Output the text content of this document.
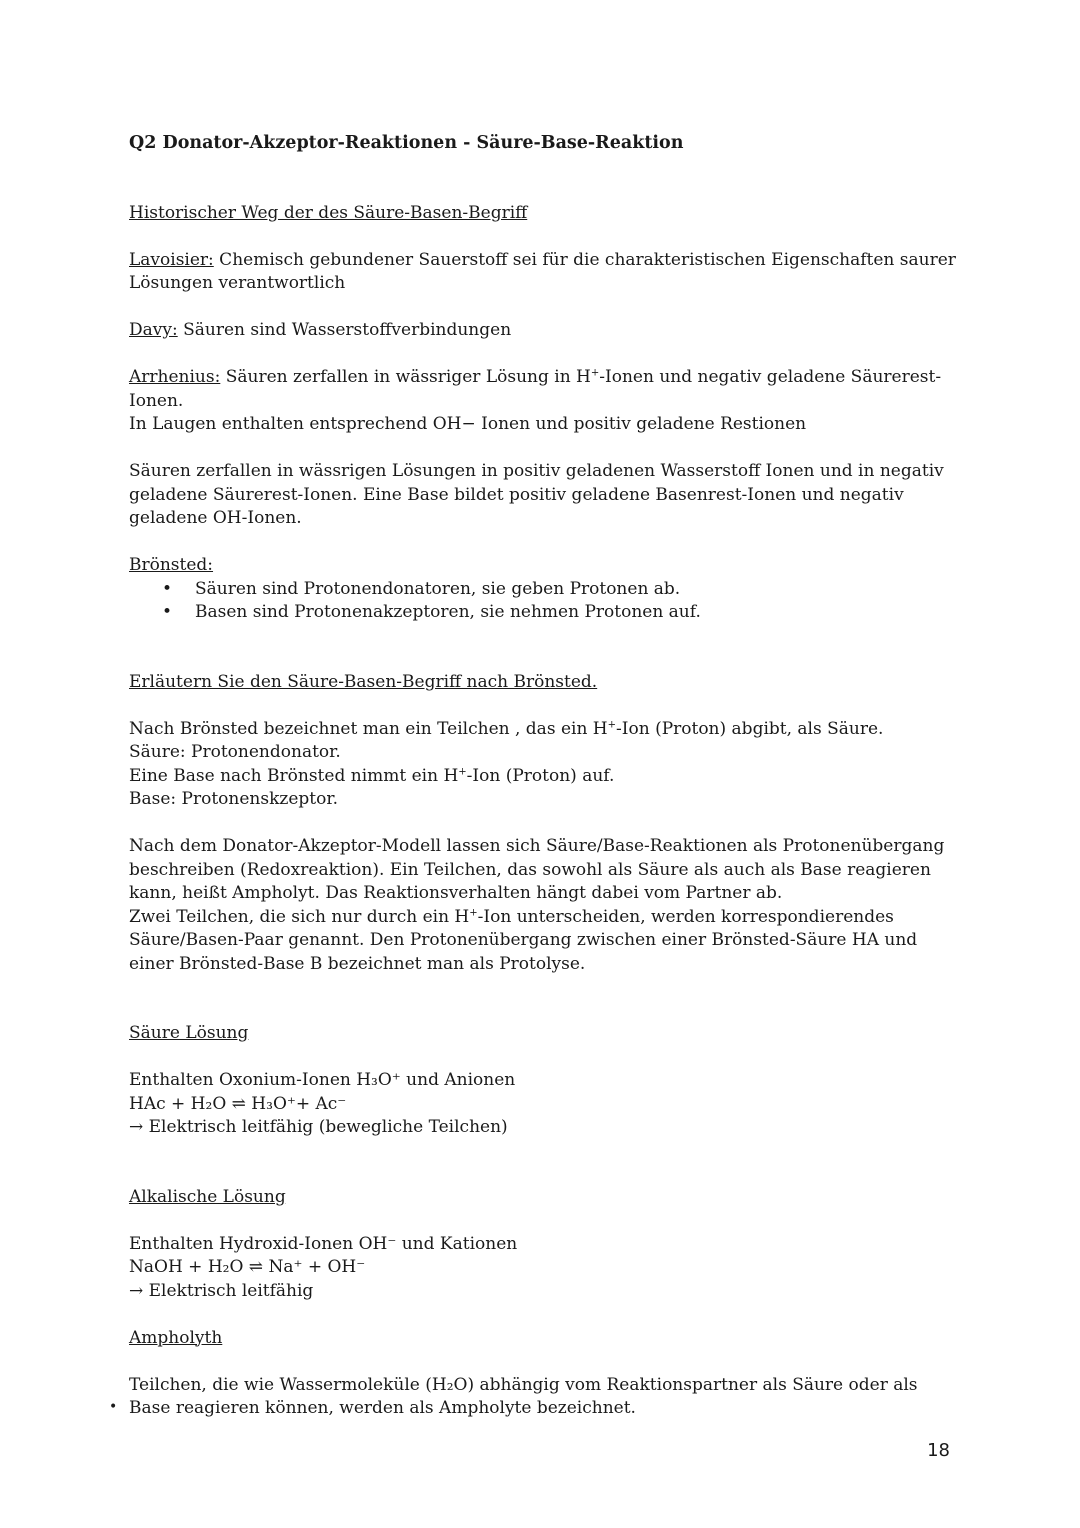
Q2 Donator-Akzeptor-Reaktionen - Säure-Base-Reaktion

Historischer Weg der des Säure-Basen-Begriff

Lavoisier: Chemisch gebundener Sauerstoff sei für die charakteristischen Eigenschaften saurer Lösungen verantwortlich

Davy: Säuren sind Wasserstoffverbindungen

Arrhenius: Säuren zerfallen in wässriger Lösung in H+-Ionen und negativ geladene Säurerest-Ionen.

In Laugen enthalten entsprechend OH− Ionen und positiv geladene Restionen

Säuren zerfallen in wässrigen Lösungen in positiv geladenen Wasserstoff Ionen und in negativ geladene Säurerest-Ionen. Eine Base bildet positiv geladene Basenrest-Ionen und negativ geladene OH-Ionen.

Brönsted:

• Säuren sind Protonendonatoren, sie geben Protonen ab.
• Basen sind Protonenakzeptoren, sie nehmen Protonen auf.

Erläutern Sie den Säure-Basen-Begriff nach Brönsted.

Nach Brönsted bezeichnet man ein Teilchen , das ein H+-Ion (Proton) abgibt, als Säure.

Säure: Protonendonator.

Eine Base nach Brönsted nimmt ein H+-Ion (Proton) auf.

Base: Protonenskzeptor.

Nach dem Donator-Akzeptor-Modell lassen sich Säure/Base-Reaktionen als Protonenübergang beschreiben (Redoxreaktion). Ein Teilchen, das sowohl als Säure als auch als Base reagieren kann, heißt Ampholyt. Das Reaktionsverhalten hängt dabei vom Partner ab.

Zwei Teilchen, die sich nur durch ein H+-Ion unterscheiden, werden korrespondierendes Säure/Basen-Paar genannt. Den Protonenübergang zwischen einer Brönsted-Säure HA und einer Brönsted-Base B bezeichnet man als Protolyse.

Säure Lösung

Enthalten Oxonium-Ionen H₃O⁺ und Anionen

HAc + H₂O ⇌ H₃O⁺+ Ac⁻

→ Elektrisch leitfähig (bewegliche Teilchen)

Alkalische Lösung

Enthalten Hydroxid-Ionen OH⁻ und Kationen

NaOH + H₂O ⇌ Na⁺ + OH⁻

→ Elektrisch leitfähig

Ampholyth

Teilchen, die wie Wassermoleküle (H₂O) abhängig vom Reaktionspartner als Säure oder als Base reagieren können, werden als Ampholyte bezeichnet.

•
18
